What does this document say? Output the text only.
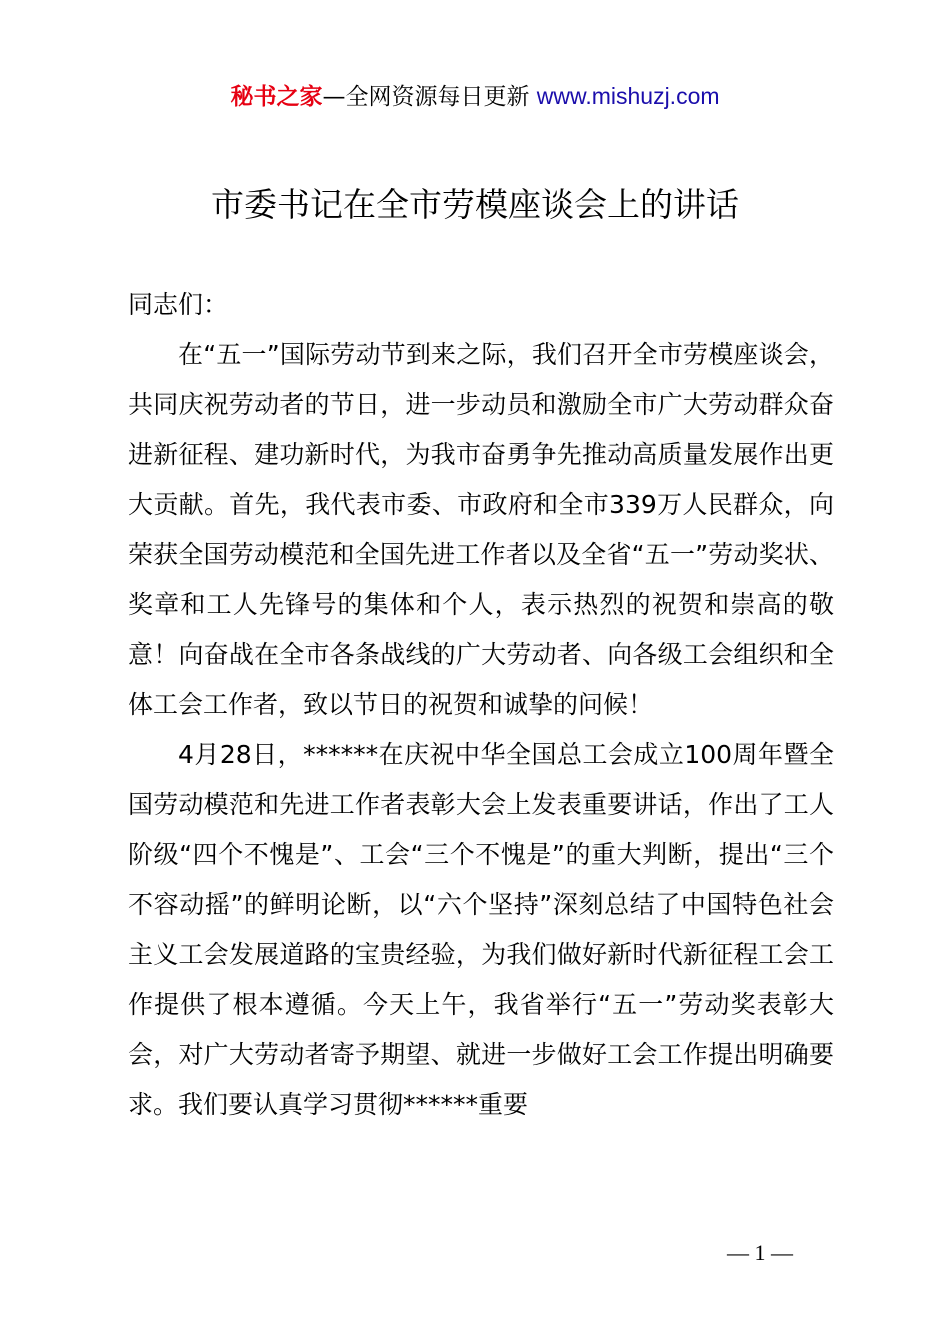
秘书之家—全网资源每日更新 www.mishuzj.com
市委书记在全市劳模座谈会上的讲话

同志们：

在“五一”国际劳动节到来之际，我们召开全市劳模座谈会，共同庆祝劳动者的节日，进一步动员和激励全市广大劳动群众奋进新征程、建功新时代，为我市奋勇争先推动高质量发展作出更大贡献。首先，我代表市委、市政府和全市339万人民群众，向荣获全国劳动模范和全国先进工作者以及全省“五一”劳动奖状、奖章和工人先锋号的集体和个人，表示热烈的祝贺和崇高的敬意！向奋战在全市各条战线的广大劳动者、向各级工会组织和全体工会工作者，致以节日的祝贺和诚挚的问候！

4月28日，******在庆祝中华全国总工会成立100周年暨全国劳动模范和先进工作者表彰大会上发表重要讲话，作出了工人阶级“四个不愧是”、工会“三个不愧是”的重大判断，提出“三个不容动摇”的鲜明论断，以“六个坚持”深刻总结了中国特色社会主义工会发展道路的宝贵经验，为我们做好新时代新征程工会工作提供了根本遵循。今天上午，我省举行“五一”劳动奖表彰大会，对广大劳动者寄予期望、就进一步做好工会工作提出明确要求。我们要认真学习贯彻******重要

— 1 —
